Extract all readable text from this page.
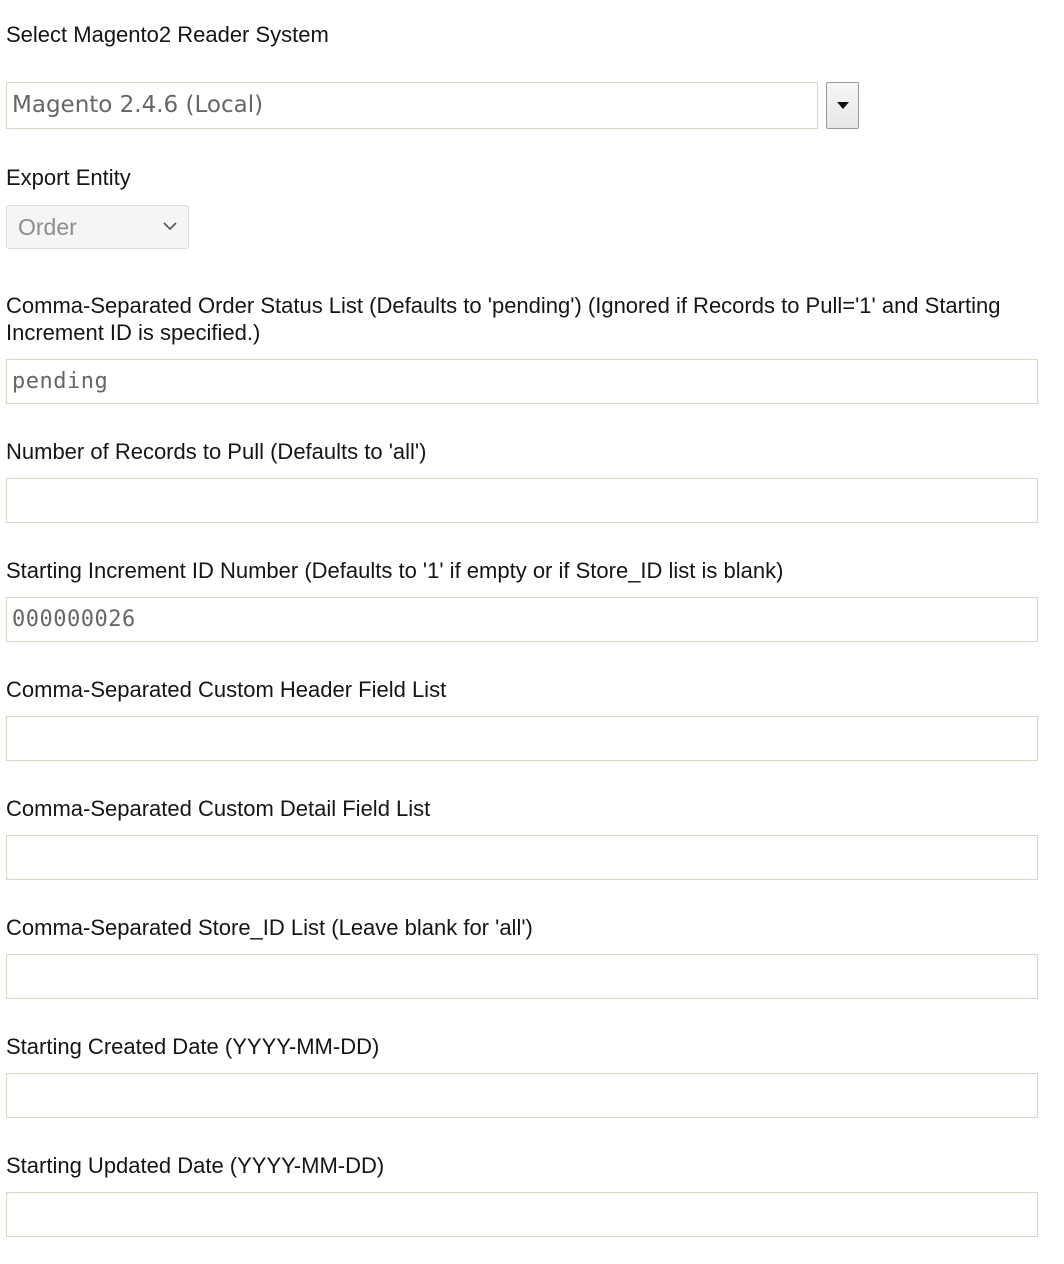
Select Magento2 Reader System
Magento 2.4.6 (Local)
Export Entity
Order
Comma-Separated Order Status List (Defaults to 'pending') (Ignored if Records to Pull='1' and Starting Increment ID is specified.)
pending
Number of Records to Pull (Defaults to 'all')
Starting Increment ID Number (Defaults to '1' if empty or if Store_ID list is blank)
000000026
Comma-Separated Custom Header Field List
Comma-Separated Custom Detail Field List
Comma-Separated Store_ID List (Leave blank for 'all')
Starting Created Date (YYYY-MM-DD)
Starting Updated Date (YYYY-MM-DD)
